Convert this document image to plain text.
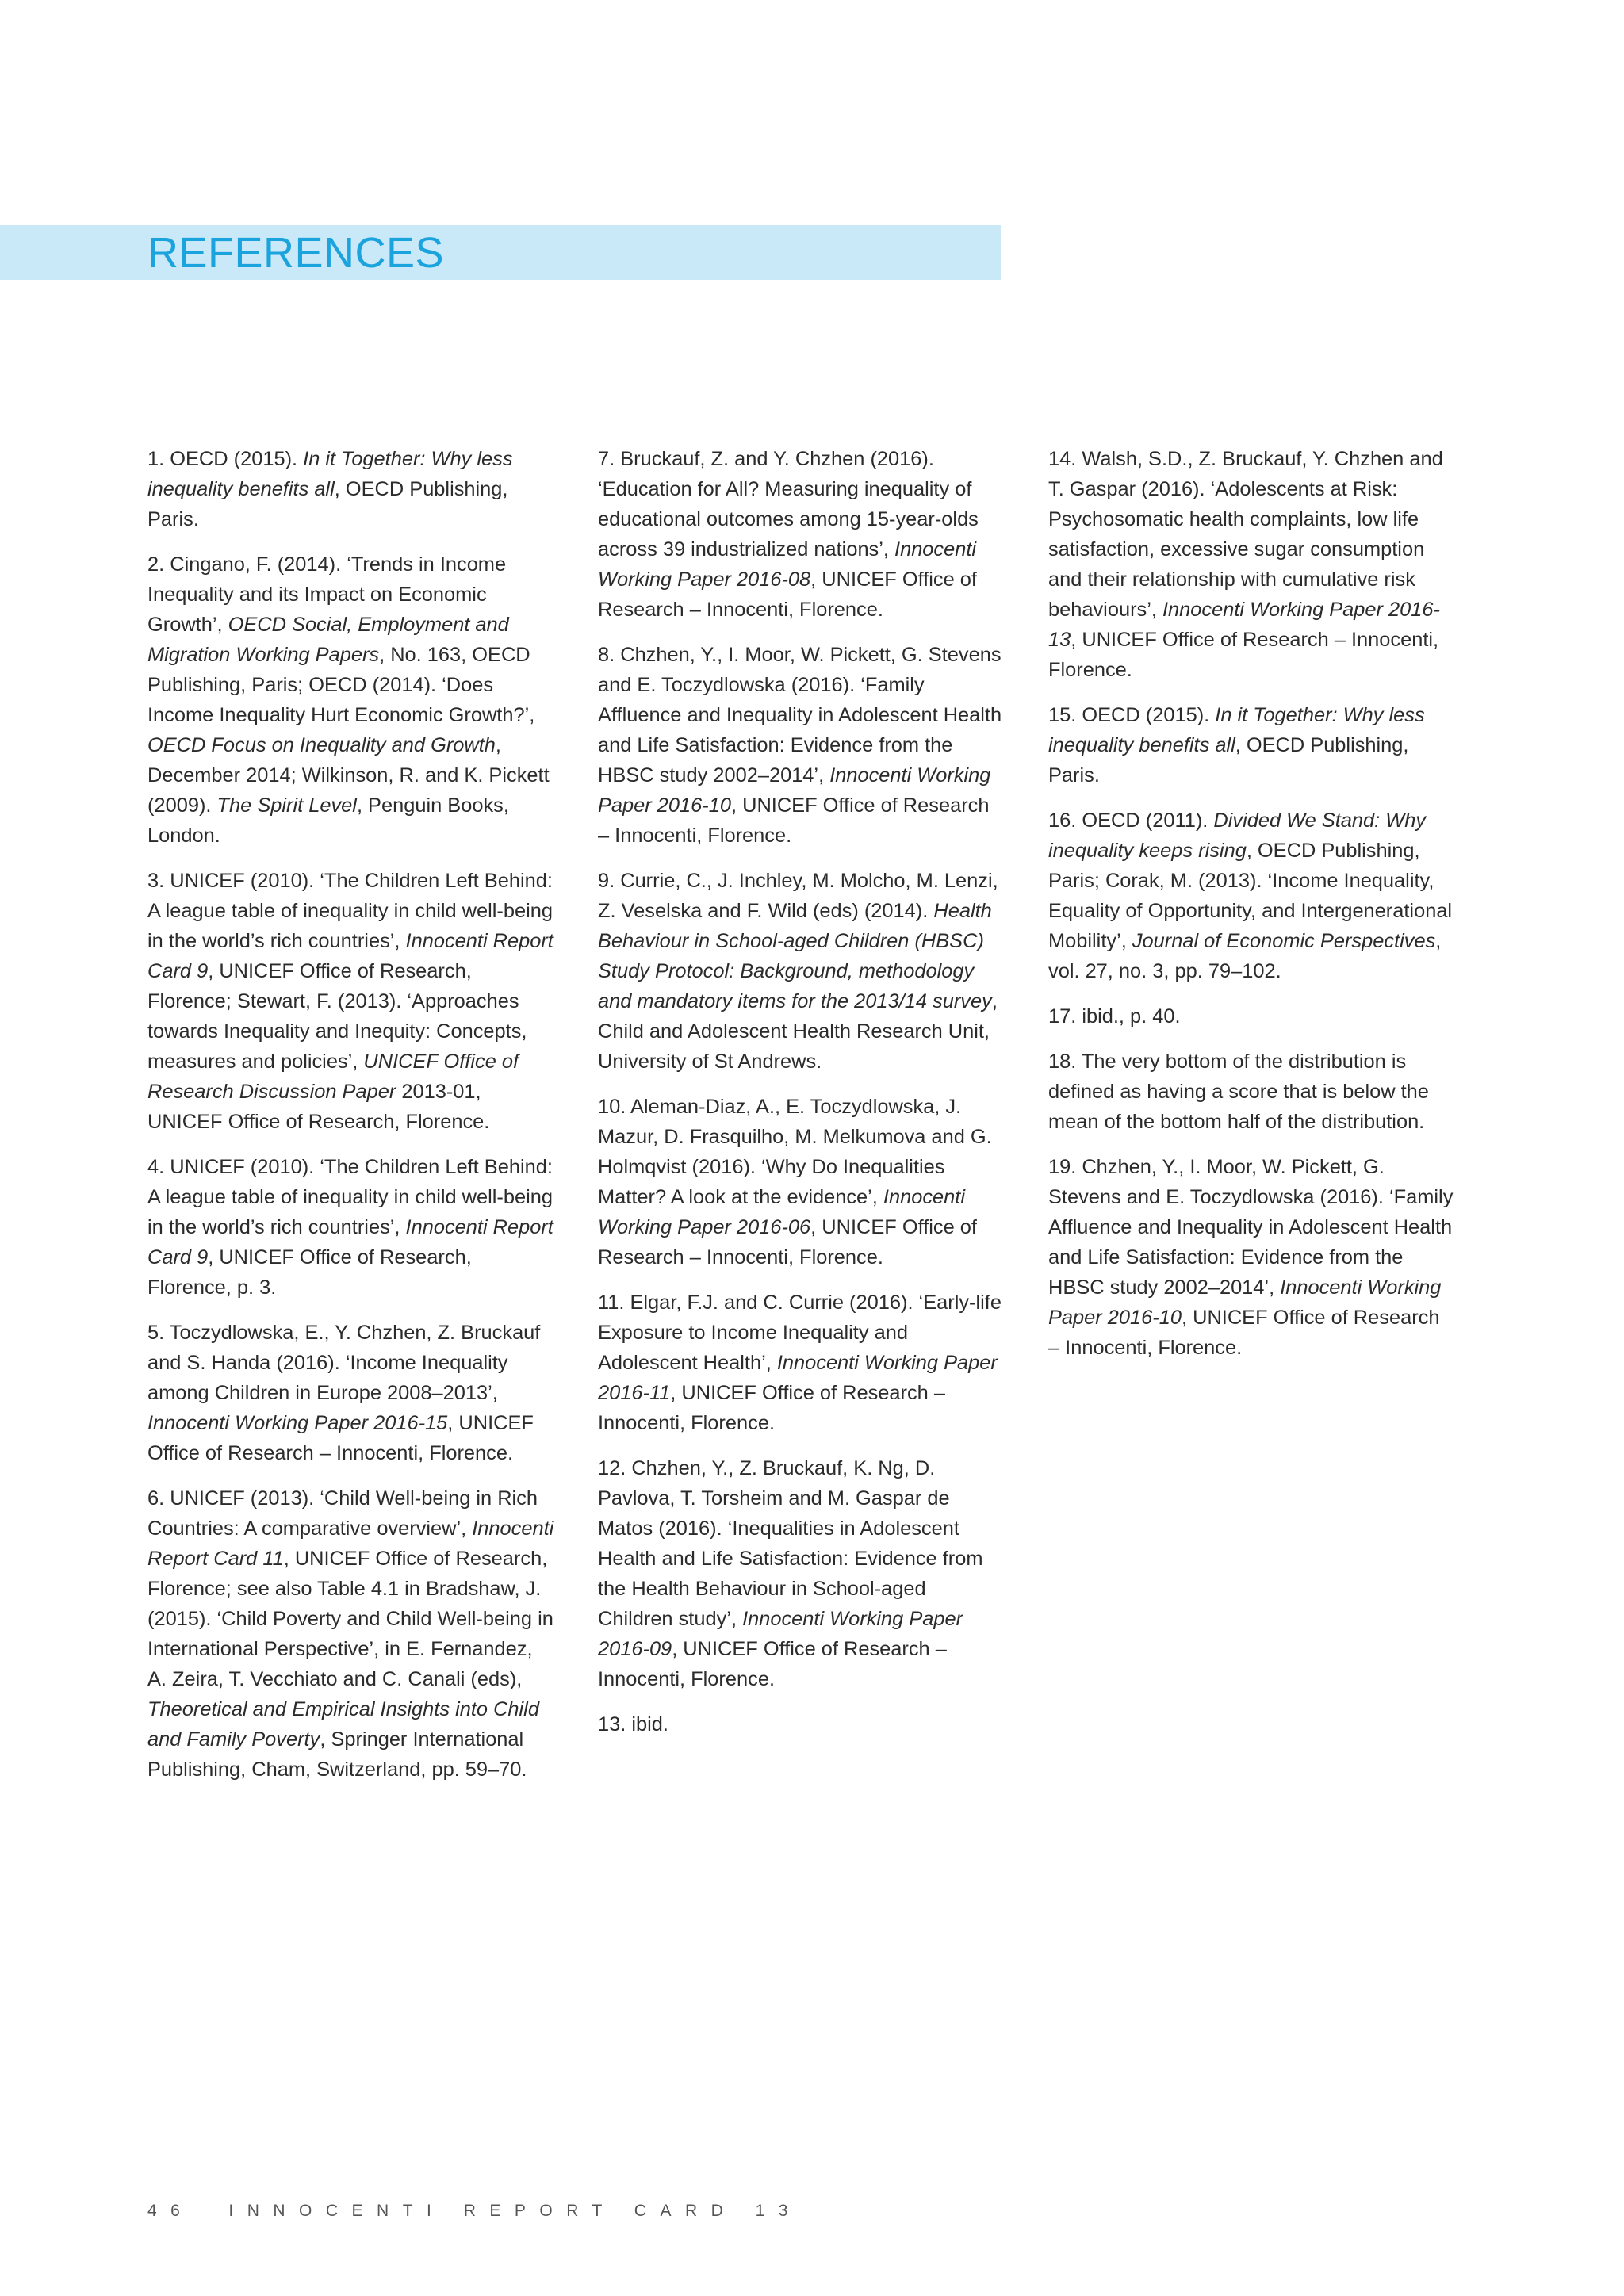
REFERENCES

1. OECD (2015). In it Together: Why less inequality benefits all, OECD Publishing, Paris.

2. Cingano, F. (2014). ‘Trends in Income Inequality and its Impact on Economic Growth’, OECD Social, Employment and Migration Working Papers, No. 163, OECD Publishing, Paris; OECD (2014). ‘Does Income Inequality Hurt Economic Growth?’, OECD Focus on Inequality and Growth, December 2014; Wilkinson, R. and K. Pickett (2009). The Spirit Level, Penguin Books, London.

3. UNICEF (2010). ‘The Children Left Behind: A league table of inequality in child well-being in the world’s rich countries’, Innocenti Report Card 9, UNICEF Office of Research, Florence; Stewart, F. (2013). ‘Approaches towards Inequality and Inequity: Concepts, measures and policies’, UNICEF Office of Research Discussion Paper 2013-01, UNICEF Office of Research, Florence.

4. UNICEF (2010). ‘The Children Left Behind: A league table of inequality in child well-being in the world’s rich countries’, Innocenti Report Card 9, UNICEF Office of Research, Florence, p. 3.

5. Toczydlowska, E., Y. Chzhen, Z. Bruckauf and S. Handa (2016). ‘Income Inequality among Children in Europe 2008–2013’, Innocenti Working Paper 2016-15, UNICEF Office of Research – Innocenti, Florence.

6. UNICEF (2013). ‘Child Well-being in Rich Countries: A comparative overview’, Innocenti Report Card 11, UNICEF Office of Research, Florence; see also Table 4.1 in Bradshaw, J. (2015). ‘Child Poverty and Child Well-being in International Perspective’, in E. Fernandez, A. Zeira, T. Vecchiato and C. Canali (eds), Theoretical and Empirical Insights into Child and Family Poverty, Springer International Publishing, Cham, Switzerland, pp. 59–70.

7. Bruckauf, Z. and Y. Chzhen (2016). ‘Education for All? Measuring inequality of educational outcomes among 15-year-olds across 39 industrialized nations’, Innocenti Working Paper 2016-08, UNICEF Office of Research – Innocenti, Florence.

8. Chzhen, Y., I. Moor, W. Pickett, G. Stevens and E. Toczydlowska (2016). ‘Family Affluence and Inequality in Adolescent Health and Life Satisfaction: Evidence from the HBSC study 2002–2014’, Innocenti Working Paper 2016-10, UNICEF Office of Research – Innocenti, Florence.

9. Currie, C., J. Inchley, M. Molcho, M. Lenzi, Z. Veselska and F. Wild (eds) (2014). Health Behaviour in School-aged Children (HBSC) Study Protocol: Background, methodology and mandatory items for the 2013/14 survey, Child and Adolescent Health Research Unit, University of St Andrews.

10. Aleman-Diaz, A., E. Toczydlowska, J. Mazur, D. Frasquilho, M. Melkumova and G. Holmqvist (2016). ‘Why Do Inequalities Matter? A look at the evidence’, Innocenti Working Paper 2016-06, UNICEF Office of Research – Innocenti, Florence.

11. Elgar, F.J. and C. Currie (2016). ‘Early-life Exposure to Income Inequality and Adolescent Health’, Innocenti Working Paper 2016-11, UNICEF Office of Research – Innocenti, Florence.

12. Chzhen, Y., Z. Bruckauf, K. Ng, D. Pavlova, T. Torsheim and M. Gaspar de Matos (2016). ‘Inequalities in Adolescent Health and Life Satisfaction: Evidence from the Health Behaviour in School-aged Children study’, Innocenti Working Paper 2016-09, UNICEF Office of Research – Innocenti, Florence.

13. ibid.

14. Walsh, S.D., Z. Bruckauf, Y. Chzhen and T. Gaspar (2016). ‘Adolescents at Risk: Psychosomatic health complaints, low life satisfaction, excessive sugar consumption and their relationship with cumulative risk behaviours’, Innocenti Working Paper 2016-13, UNICEF Office of Research – Innocenti, Florence.

15. OECD (2015). In it Together: Why less inequality benefits all, OECD Publishing, Paris.

16. OECD (2011). Divided We Stand: Why inequality keeps rising, OECD Publishing, Paris; Corak, M. (2013). ‘Income Inequality, Equality of Opportunity, and Intergenerational Mobility’, Journal of Economic Perspectives, vol. 27, no. 3, pp. 79–102.

17. ibid., p. 40.

18. The very bottom of the distribution is defined as having a score that is below the mean of the bottom half of the distribution.

19. Chzhen, Y., I. Moor, W. Pickett, G. Stevens and E. Toczydlowska (2016). ‘Family Affluence and Inequality in Adolescent Health and Life Satisfaction: Evidence from the HBSC study 2002–2014’, Innocenti Working Paper 2016-10, UNICEF Office of Research – Innocenti, Florence.

46 INNOCENTI REPORT CARD 13
